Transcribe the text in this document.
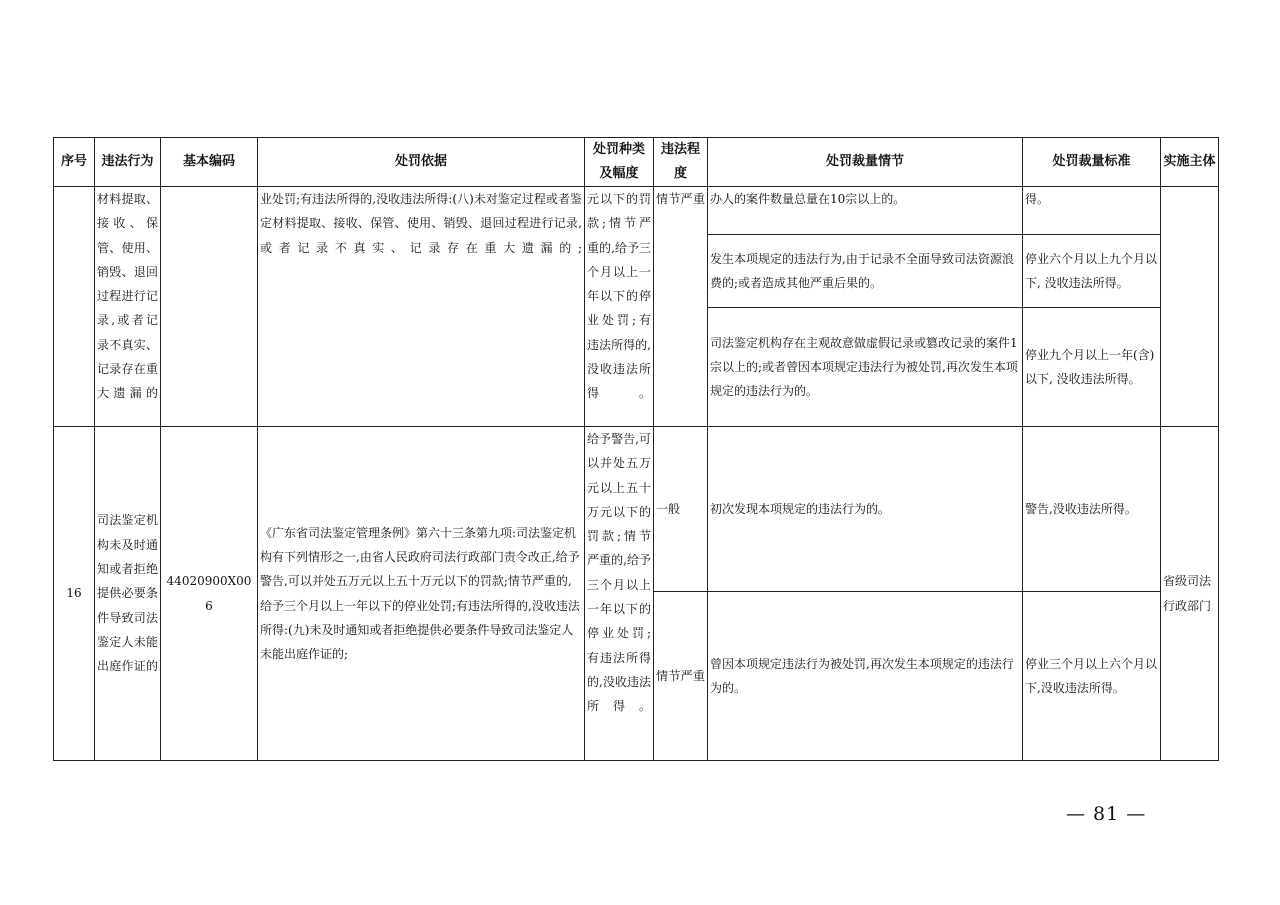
序号	违法行为	基本编码	处罚依据	处罚种类及幅度	违法程度	处罚裁量情节	处罚裁量标准	实施主体
	材料提取、接收、保管、使用、销毁、退回过程进行记录,或者记录不真实、记录存在重大遗漏的		业处罚;有违法所得的,没收违法所得:(八)未对鉴定过程或者鉴定材料提取、接收、保管、使用、销毁、退回过程进行记录,或者记录不真实、记录存在重大遗漏的;	元以下的罚款;情节严重的,给予三个月以上一年以下的停业处罚;有违法所得的,没收违法所得。	情节严重	办人的案件数量总量在10宗以上的。	得。	
						发生本项规定的违法行为,由于记录不全面导致司法资源浪费的;或者造成其他严重后果的。	停业六个月以上九个月以下, 没收违法所得。	
						司法鉴定机构存在主观故意做虚假记录或篡改记录的案件1宗以上的;或者曾因本项规定违法行为被处罚,再次发生本项规定的违法行为的。	停业九个月以上一年(含)以下, 没收违法所得。	
16	司法鉴定机构未及时通知或者拒绝提供必要条件导致司法鉴定人未能出庭作证的	44020900X006	《广东省司法鉴定管理条例》第六十三条第九项:司法鉴定机构有下列情形之一,由省人民政府司法行政部门责令改正,给予警告,可以并处五万元以上五十万元以下的罚款;情节严重的,给予三个月以上一年以下的停业处罚;有违法所得的,没收违法所得:(九)未及时通知或者拒绝提供必要条件导致司法鉴定人未能出庭作证的;	给予警告,可以并处五万元以上五十万元以下的罚款;情节严重的,给予三个月以上一年以下的停业处罚;有违法所得的,没收违法所得。	一般	初次发现本项规定的违法行为的。	警告,没收违法所得。	省级司法行政部门
					情节严重	曾因本项规定违法行为被处罚,再次发生本项规定的违法行为的。	停业三个月以上六个月以下,没收违法所得。	
— 81 —
